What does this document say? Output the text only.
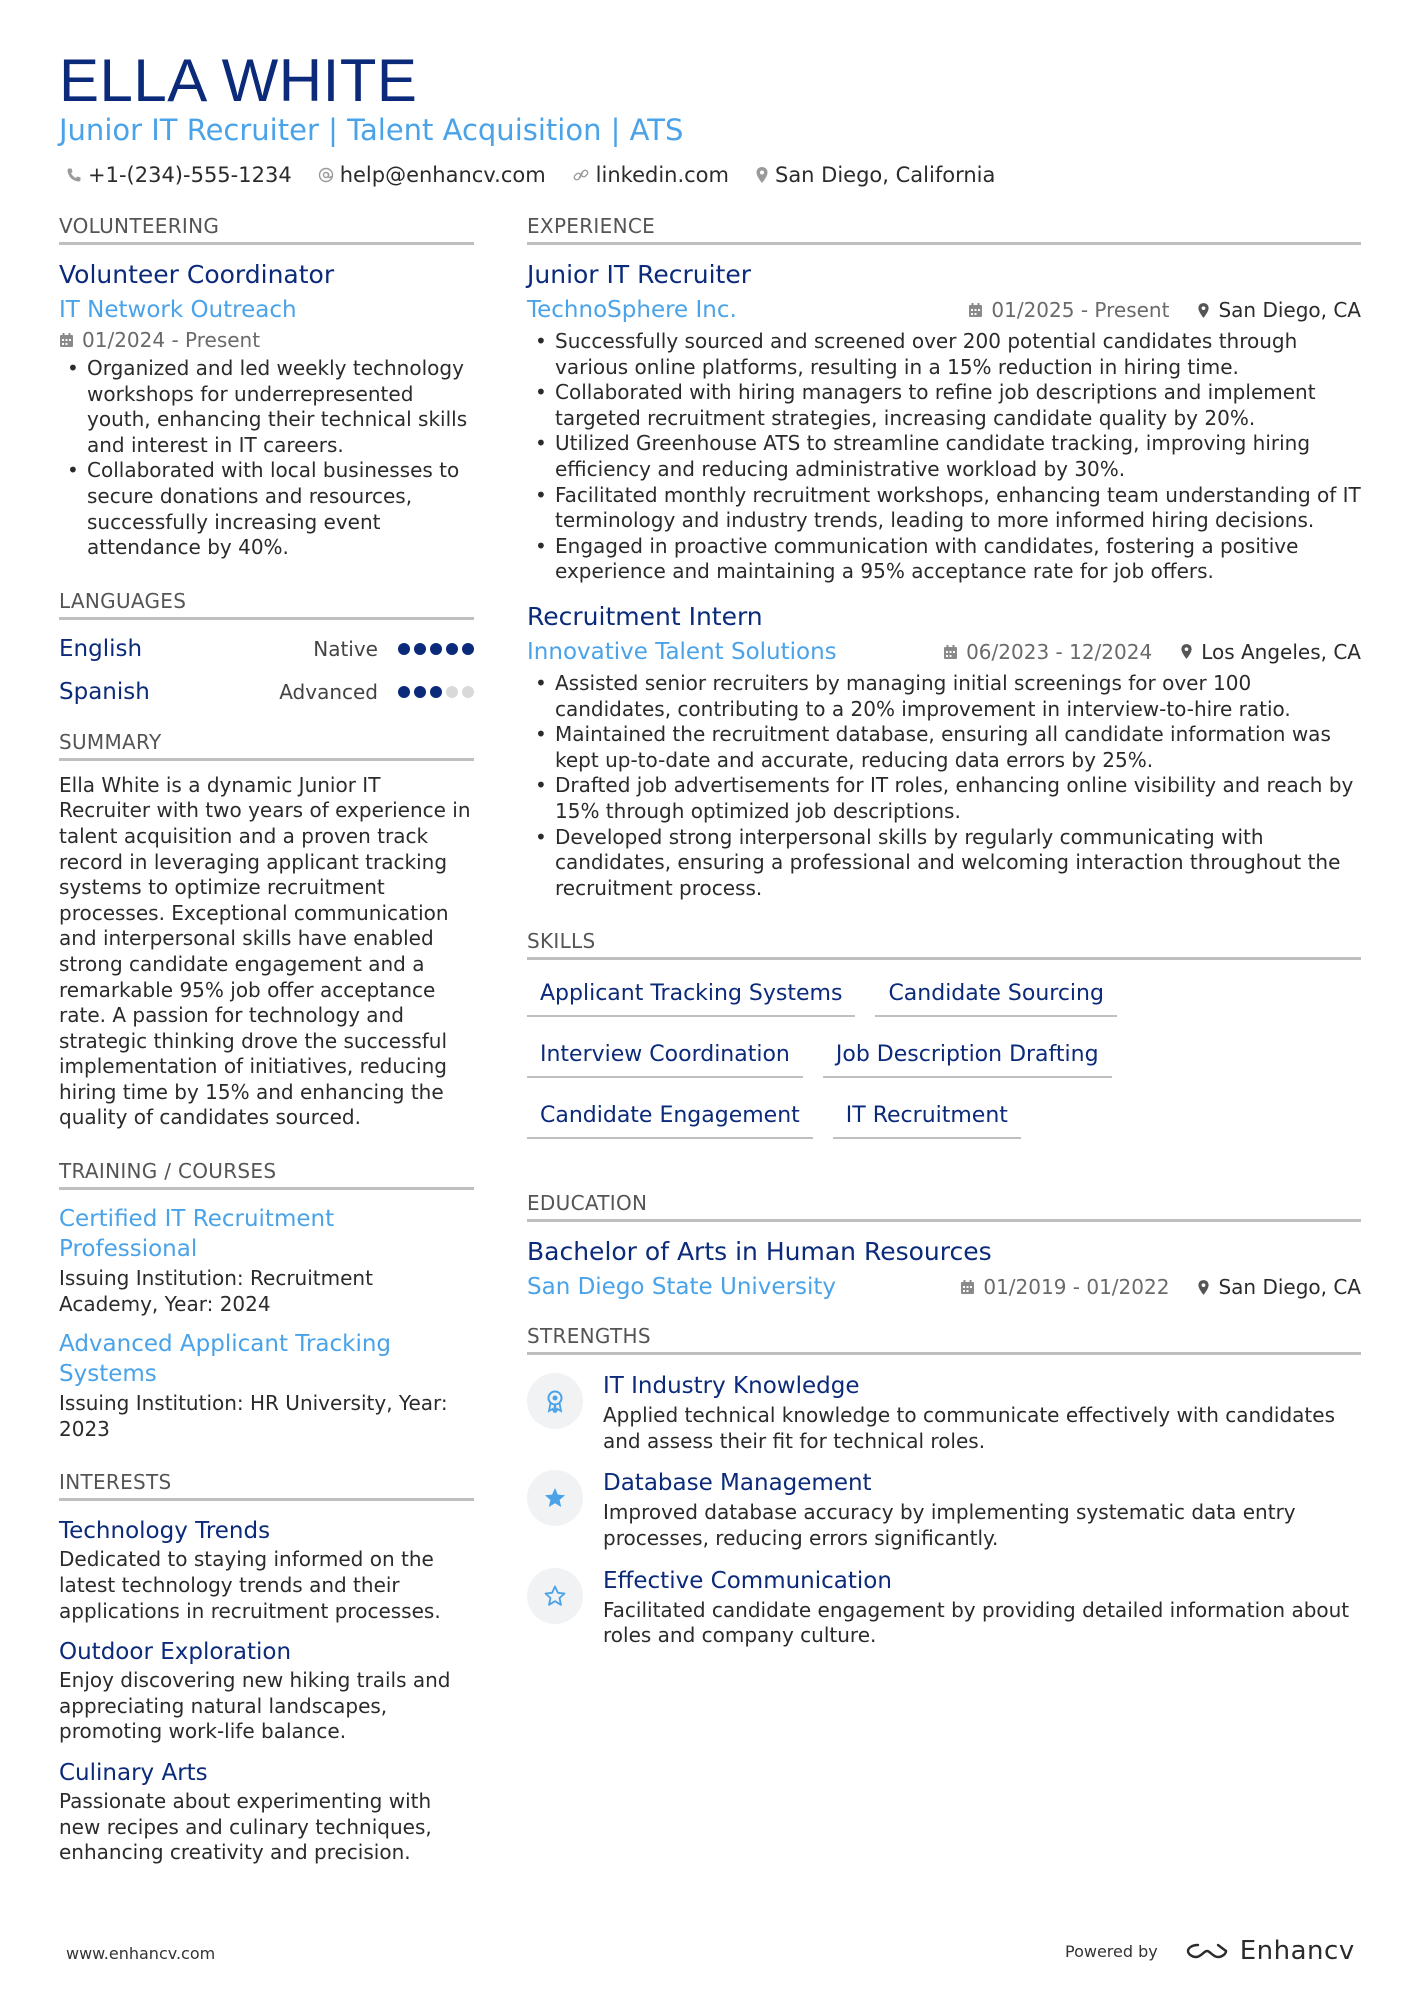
ELLA WHITE
Junior IT Recruiter | Talent Acquisition | ATS
+1-(234)-555-1234 help@enhancv.com linkedin.com San Diego, California
VOLUNTEERING
Volunteer Coordinator
IT Network Outreach
01/2024 - Present
• Organized and led weekly technology workshops for underrepresented youth, enhancing their technical skills and interest in IT careers.
• Collaborated with local businesses to secure donations and resources, successfully increasing event attendance by 40%.
LANGUAGES
English	Native
Spanish	Advanced
SUMMARY
Ella White is a dynamic Junior IT Recruiter with two years of experience in talent acquisition and a proven track record in leveraging applicant tracking systems to optimize recruitment processes. Exceptional communication and interpersonal skills have enabled strong candidate engagement and a remarkable 95% job offer acceptance rate. A passion for technology and strategic thinking drove the successful implementation of initiatives, reducing hiring time by 15% and enhancing the quality of candidates sourced.
TRAINING / COURSES
Certified IT Recruitment Professional
Issuing Institution: Recruitment Academy, Year: 2024
Advanced Applicant Tracking Systems
Issuing Institution: HR University, Year: 2023
INTERESTS
Technology Trends
Dedicated to staying informed on the latest technology trends and their applications in recruitment processes.
Outdoor Exploration
Enjoy discovering new hiking trails and appreciating natural landscapes, promoting work-life balance.
Culinary Arts
Passionate about experimenting with new recipes and culinary techniques, enhancing creativity and precision.
EXPERIENCE
Junior IT Recruiter
TechnoSphere Inc.	01/2025 - Present San Diego, CA
• Successfully sourced and screened over 200 potential candidates through various online platforms, resulting in a 15% reduction in hiring time.
• Collaborated with hiring managers to refine job descriptions and implement targeted recruitment strategies, increasing candidate quality by 20%.
• Utilized Greenhouse ATS to streamline candidate tracking, improving hiring efficiency and reducing administrative workload by 30%.
• Facilitated monthly recruitment workshops, enhancing team understanding of IT terminology and industry trends, leading to more informed hiring decisions.
• Engaged in proactive communication with candidates, fostering a positive experience and maintaining a 95% acceptance rate for job offers.
Recruitment Intern
Innovative Talent Solutions	06/2023 - 12/2024 Los Angeles, CA
• Assisted senior recruiters by managing initial screenings for over 100 candidates, contributing to a 20% improvement in interview-to-hire ratio.
• Maintained the recruitment database, ensuring all candidate information was kept up-to-date and accurate, reducing data errors by 25%.
• Drafted job advertisements for IT roles, enhancing online visibility and reach by 15% through optimized job descriptions.
• Developed strong interpersonal skills by regularly communicating with candidates, ensuring a professional and welcoming interaction throughout the recruitment process.
SKILLS
Applicant Tracking Systems	Candidate Sourcing
Interview Coordination	Job Description Drafting
Candidate Engagement	IT Recruitment
EDUCATION
Bachelor of Arts in Human Resources
San Diego State University	01/2019 - 01/2022 San Diego, CA
STRENGTHS
IT Industry Knowledge
Applied technical knowledge to communicate effectively with candidates and assess their fit for technical roles.
Database Management
Improved database accuracy by implementing systematic data entry processes, reducing errors significantly.
Effective Communication
Facilitated candidate engagement by providing detailed information about roles and company culture.
www.enhancv.com	Powered by	Enhancv
